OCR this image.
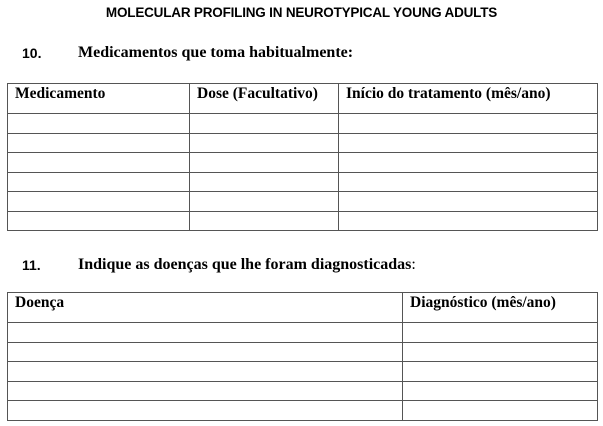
MOLECULAR PROFILING IN NEUROTYPICAL YOUNG ADULTS
10. Medicamentos que toma habitualmente:
Medicamento	Dose (Facultativo)	Início do tratamento (mês/ano)

11. Indique as doenças que lhe foram diagnosticadas:
Doença	Diagnóstico (mês/ano)
